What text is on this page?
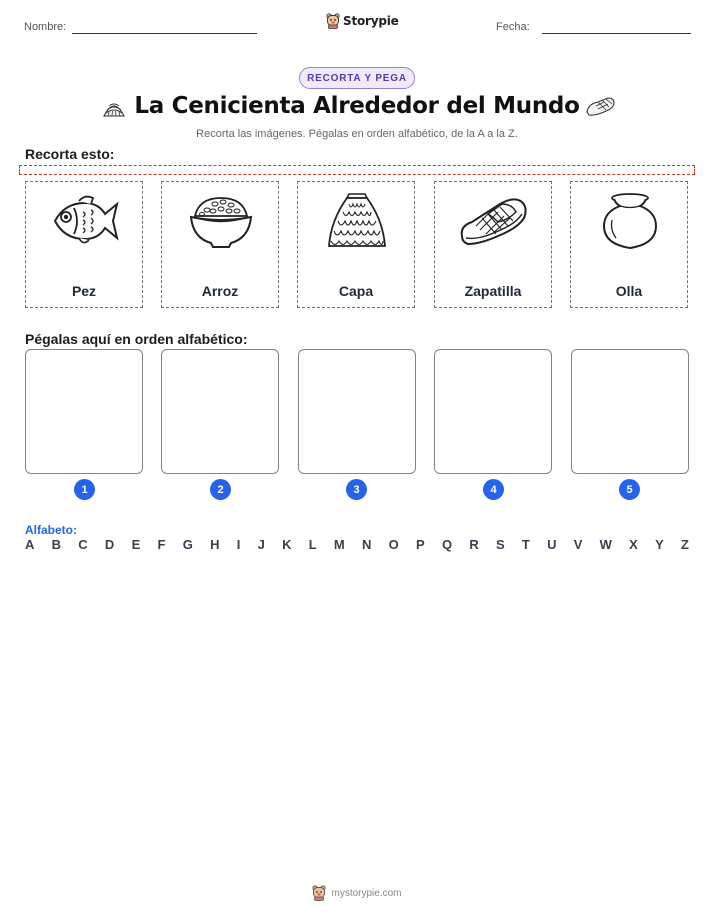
Nombre:	Storypie	Fecha:
RECORTA Y PEGA
La Cenicienta Alrededor del Mundo
Recorta las imágenes. Pégalas en orden alfabético, de la A a la Z.
Recorta esto:
Pez	Arroz	Capa	Zapatilla	Olla
Pégalas aquí en orden alfabético:
1	2	3	4	5
Alfabeto:
A B C D E F G H I J K L M N O P Q R S T U V W X Y Z
mystorypie.com
